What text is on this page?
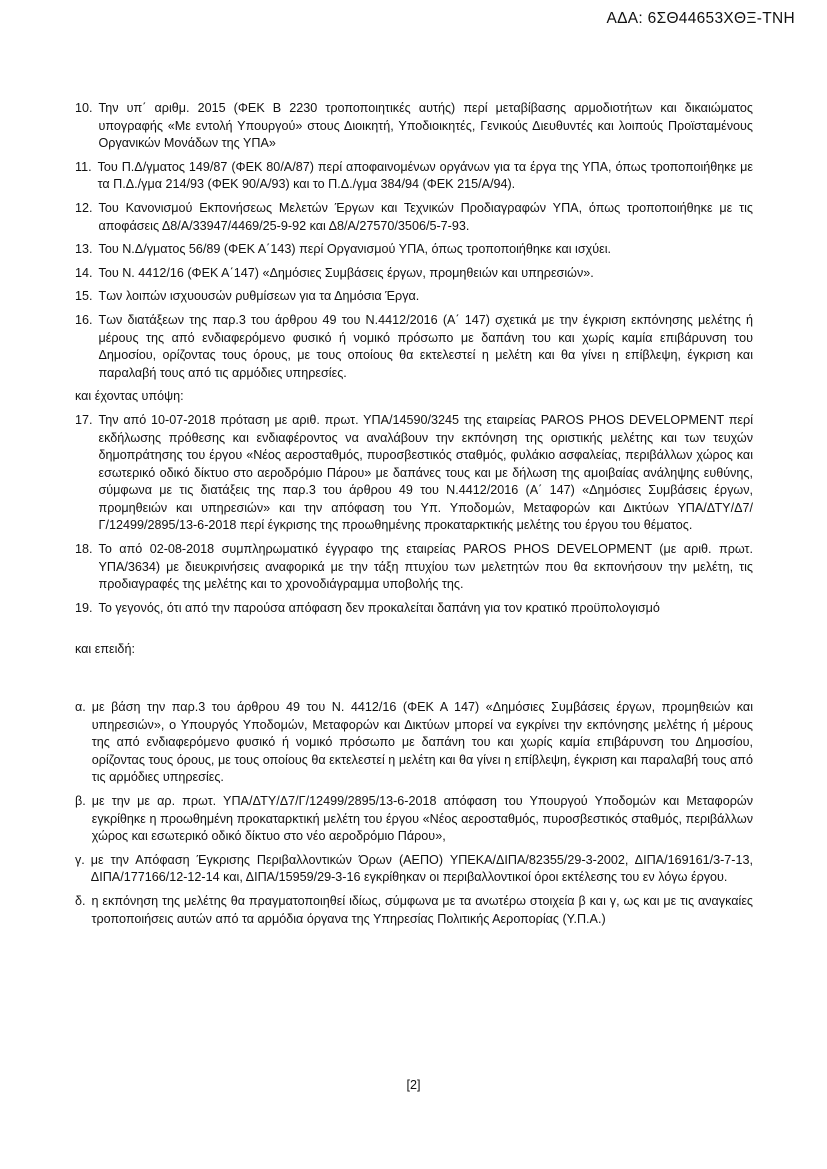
ΑΔΑ: 6ΣΘ44653ΧΘΞ-ΤΝΗ
10. Την υπ΄ αριθμ. 2015 (ΦΕΚ Β 2230 τροποποιητικές αυτής) περί μεταβίβασης αρμοδιοτήτων και δικαιώματος υπογραφής «Με εντολή Υπουργού» στους Διοικητή, Υποδιοικητές, Γενικούς Διευθυντές και λοιπούς Προϊσταμένους Οργανικών Μονάδων της ΥΠΑ»
11. Του Π.Δ/γματος 149/87 (ΦΕΚ 80/Α/87) περί αποφαινομένων οργάνων για τα έργα της ΥΠΑ, όπως τροποποιήθηκε με τα Π.Δ./γμα 214/93 (ΦΕΚ 90/Α/93) και το Π.Δ./γμα 384/94 (ΦΕΚ 215/Α/94).
12. Του Κανονισμού Εκπονήσεως Μελετών Έργων και Τεχνικών Προδιαγραφών ΥΠΑ, όπως τροποποιήθηκε με τις αποφάσεις Δ8/Α/33947/4469/25-9-92 και Δ8/Α/27570/3506/5-7-93.
13. Του Ν.Δ/γματος 56/89 (ΦΕΚ Α΄143) περί Οργανισμού ΥΠΑ, όπως τροποποιήθηκε και ισχύει.
14. Του Ν. 4412/16 (ΦΕΚ Α΄147) «Δημόσιες Συμβάσεις έργων, προμηθειών και υπηρεσιών».
15. Των λοιπών ισχυουσών ρυθμίσεων για τα Δημόσια Έργα.
16. Των διατάξεων της παρ.3 του άρθρου 49 του Ν.4412/2016 (Α΄ 147) σχετικά με την έγκριση εκπόνησης μελέτης ή μέρους της από ενδιαφερόμενο φυσικό ή νομικό πρόσωπο με δαπάνη του και χωρίς καμία επιβάρυνση του Δημοσίου, ορίζοντας τους όρους, με τους οποίους θα εκτελεστεί η μελέτη και θα γίνει η επίβλεψη, έγκριση και παραλαβή τους από τις αρμόδιες υπηρεσίες.
και έχοντας υπόψη:
17. Την από 10-07-2018 πρόταση με αριθ. πρωτ. ΥΠΑ/14590/3245 της εταιρείας PAROS PHOS DEVELOPMENT περί εκδήλωσης πρόθεσης και ενδιαφέροντος να αναλάβουν την εκπόνηση της οριστικής μελέτης και των τευχών δημοπράτησης του έργου «Νέος αεροσταθμός, πυροσβεστικός σταθμός, φυλάκιο ασφαλείας, περιβάλλων χώρος και εσωτερικό οδικό δίκτυο στο αεροδρόμιο Πάρου» με δαπάνες τους και με δήλωση της αμοιβαίας ανάληψης ευθύνης, σύμφωνα με τις διατάξεις της παρ.3 του άρθρου 49 του Ν.4412/2016 (Α΄ 147) «Δημόσιες Συμβάσεις έργων, προμηθειών και υπηρεσιών» και την απόφαση του Υπ. Υποδομών, Μεταφορών και Δικτύων ΥΠΑ/ΔΤΥ/Δ7/Γ/12499/2895/13-6-2018 περί έγκρισης της προωθημένης προκαταρκτικής μελέτης του έργου του θέματος.
18. Το από 02-08-2018 συμπληρωματικό έγγραφο της εταιρείας PAROS PHOS DEVELOPMENT (με αριθ. πρωτ. ΥΠΑ/3634) με διευκρινήσεις αναφορικά με την τάξη πτυχίου των μελετητών που θα εκπονήσουν την μελέτη, τις προδιαγραφές της μελέτης και το χρονοδιάγραμμα υποβολής της.
19. Το γεγονός, ότι από την παρούσα απόφαση δεν προκαλείται δαπάνη για τον κρατικό προϋπολογισμό
και επειδή:
α. με βάση την παρ.3 του άρθρου 49 του Ν. 4412/16 (ΦΕΚ Α 147) «Δημόσιες Συμβάσεις έργων, προμηθειών και υπηρεσιών», ο Υπουργός Υποδομών, Μεταφορών και Δικτύων μπορεί να εγκρίνει την εκπόνησης μελέτης ή μέρους της από ενδιαφερόμενο φυσικό ή νομικό πρόσωπο με δαπάνη του και χωρίς καμία επιβάρυνση του Δημοσίου, ορίζοντας τους όρους, με τους οποίους θα εκτελεστεί η μελέτη και θα γίνει η επίβλεψη, έγκριση και παραλαβή τους από τις αρμόδιες υπηρεσίες.
β. με την με αρ. πρωτ. ΥΠΑ/ΔΤΥ/Δ7/Γ/12499/2895/13-6-2018 απόφαση του Υπουργού Υποδομών και Μεταφορών εγκρίθηκε η προωθημένη προκαταρκτική μελέτη του έργου «Νέος αεροσταθμός, πυροσβεστικός σταθμός, περιβάλλων χώρος και εσωτερικό οδικό δίκτυο στο νέο αεροδρόμιο Πάρου»,
γ. με την Απόφαση Έγκρισης Περιβαλλοντικών Όρων (ΑΕΠΟ) ΥΠΕΚΑ/ΔΙΠΑ/82355/29-3-2002, ΔΙΠΑ/169161/3-7-13, ΔΙΠΑ/177166/12-12-14 και, ΔΙΠΑ/15959/29-3-16 εγκρίθηκαν οι περιβαλλοντικοί όροι εκτέλεσης του εν λόγω έργου.
δ. η εκπόνηση της μελέτης θα πραγματοποιηθεί ιδίως, σύμφωνα με τα ανωτέρω στοιχεία β και γ, ως και με τις αναγκαίες τροποποιήσεις αυτών από τα αρμόδια όργανα της Υπηρεσίας Πολιτικής Αεροπορίας (Υ.Π.Α.)
[2]
